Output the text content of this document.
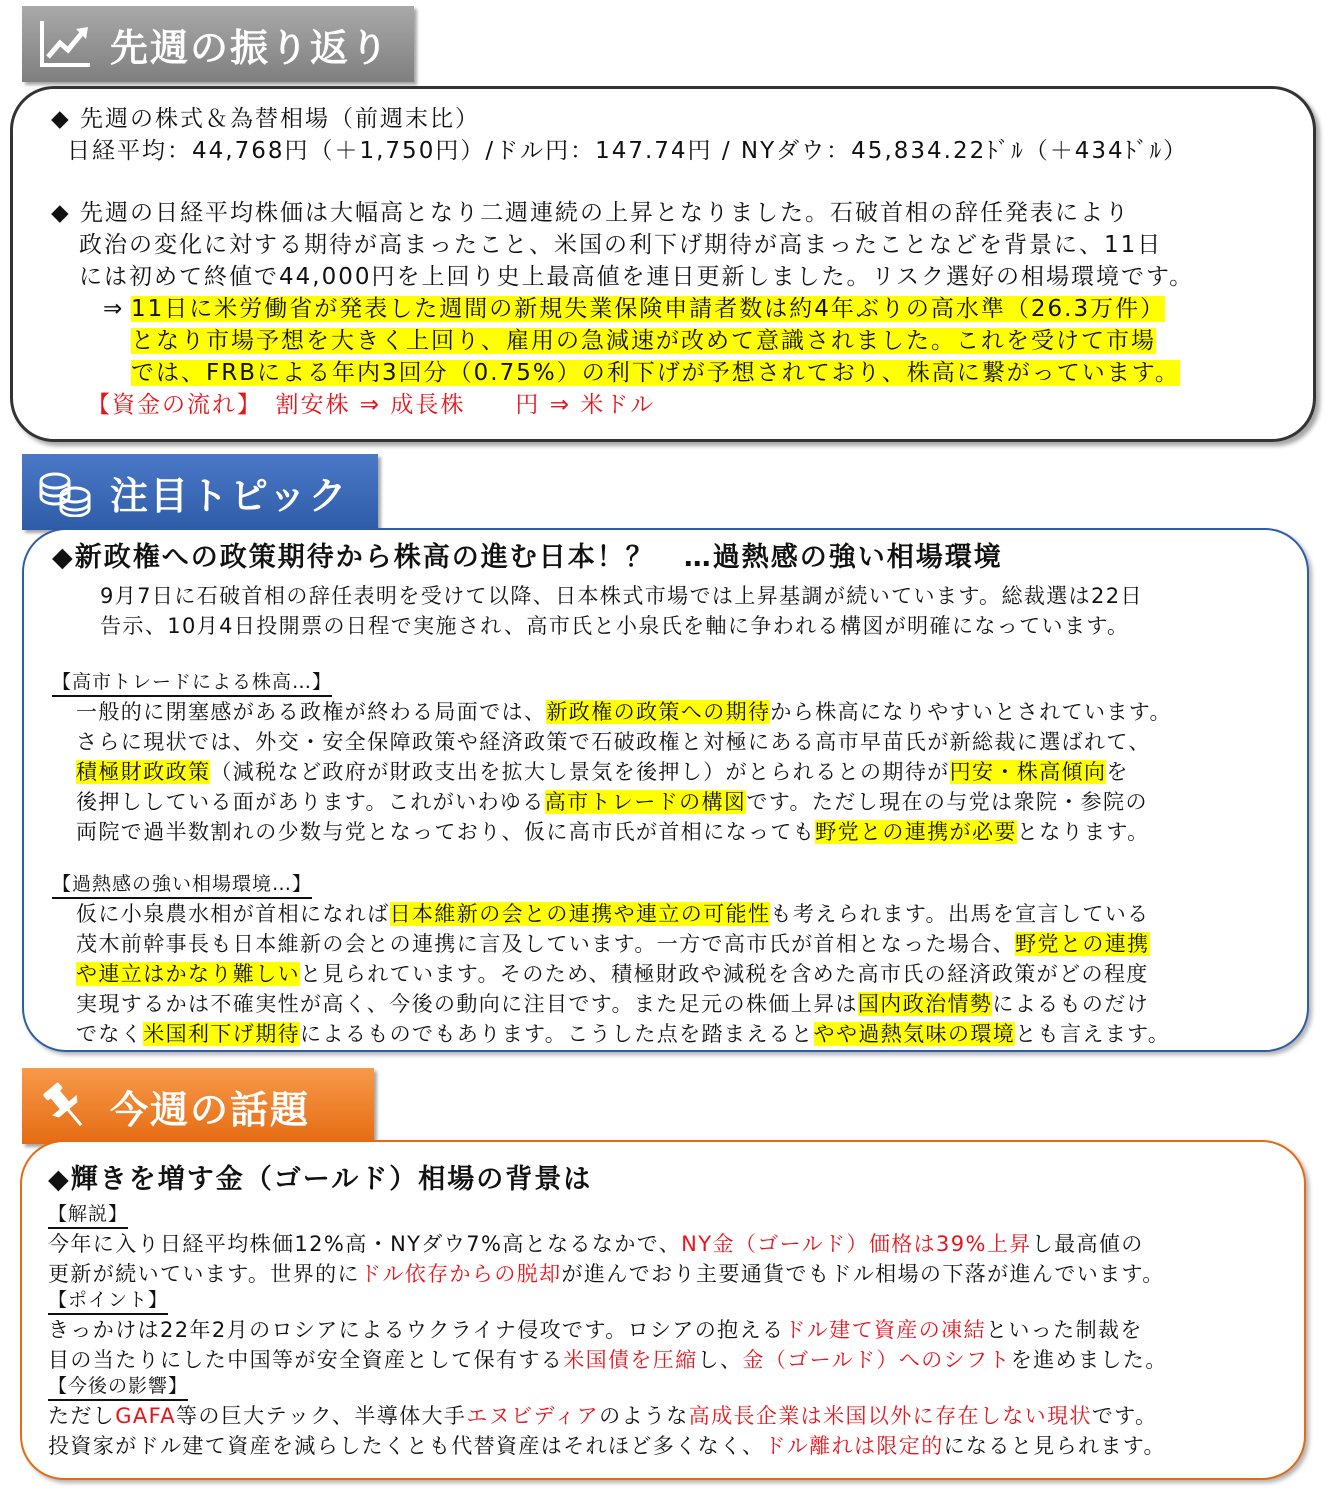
先週の振り返り
◆ 先週の株式＆為替相場（前週末比）
日経平均：44,768円（＋1,750円）/ドル円：147.74円 / NYダウ：45,834.22ﾄﾞﾙ（＋434ﾄﾞﾙ）
◆ 先週の日経平均株価は大幅高となり二週連続の上昇となりました。石破首相の辞任発表により
政治の変化に対する期待が高まったこと、米国の利下げ期待が高まったことなどを背景に、11日
には初めて終値で44,000円を上回り史上最高値を連日更新しました。リスク選好の相場環境です。
⇒ 11日に米労働省が発表した週間の新規失業保険申請者数は約4年ぶりの高水準（26.3万件）
となり市場予想を大きく上回り、雇用の急減速が改めて意識されました。これを受けて市場
では、FRBによる年内3回分（0.75%）の利下げが予想されており、株高に繋がっています。
【資金の流れ】　割安株 ⇒ 成長株　　円 ⇒ 米ドル
注目トピック
◆新政権への政策期待から株高の進む日本！？　…過熱感の強い相場環境
9月7日に石破首相の辞任表明を受けて以降、日本株式市場では上昇基調が続いています。総裁選は22日
告示、10月4日投開票の日程で実施され、高市氏と小泉氏を軸に争われる構図が明確になっています。
【高市トレードによる株高…】
一般的に閉塞感がある政権が終わる局面では、新政権の政策への期待から株高になりやすいとされています。
さらに現状では、外交・安全保障政策や経済政策で石破政権と対極にある高市早苗氏が新総裁に選ばれて、
積極財政政策（減税など政府が財政支出を拡大し景気を後押し）がとられるとの期待が円安・株高傾向を
後押ししている面があります。これがいわゆる高市トレードの構図です。ただし現在の与党は衆院・参院の
両院で過半数割れの少数与党となっており、仮に高市氏が首相になっても野党との連携が必要となります。
【過熱感の強い相場環境…】
仮に小泉農水相が首相になれば日本維新の会との連携や連立の可能性も考えられます。出馬を宣言している
茂木前幹事長も日本維新の会との連携に言及しています。一方で高市氏が首相となった場合、野党との連携
や連立はかなり難しいと見られています。そのため、積極財政や減税を含めた高市氏の経済政策がどの程度
実現するかは不確実性が高く、今後の動向に注目です。また足元の株価上昇は国内政治情勢によるものだけ
でなく米国利下げ期待によるものでもあります。こうした点を踏まえるとやや過熱気味の環境とも言えます。
今週の話題
◆輝きを増す金（ゴールド）相場の背景は
【解説】
今年に入り日経平均株価12%高・NYダウ7%高となるなかで、NY金（ゴールド）価格は39%上昇し最高値の
更新が続いています。世界的にドル依存からの脱却が進んでおり主要通貨でもドル相場の下落が進んでいます。
【ポイント】
きっかけは22年2月のロシアによるウクライナ侵攻です。ロシアの抱えるドル建て資産の凍結といった制裁を
目の当たりにした中国等が安全資産として保有する米国債を圧縮し、金（ゴールド）へのシフトを進めました。
【今後の影響】
ただしGAFA等の巨大テック、半導体大手エヌビディアのような高成長企業は米国以外に存在しない現状です。
投資家がドル建て資産を減らしたくとも代替資産はそれほど多くなく、ドル離れは限定的になると見られます。
